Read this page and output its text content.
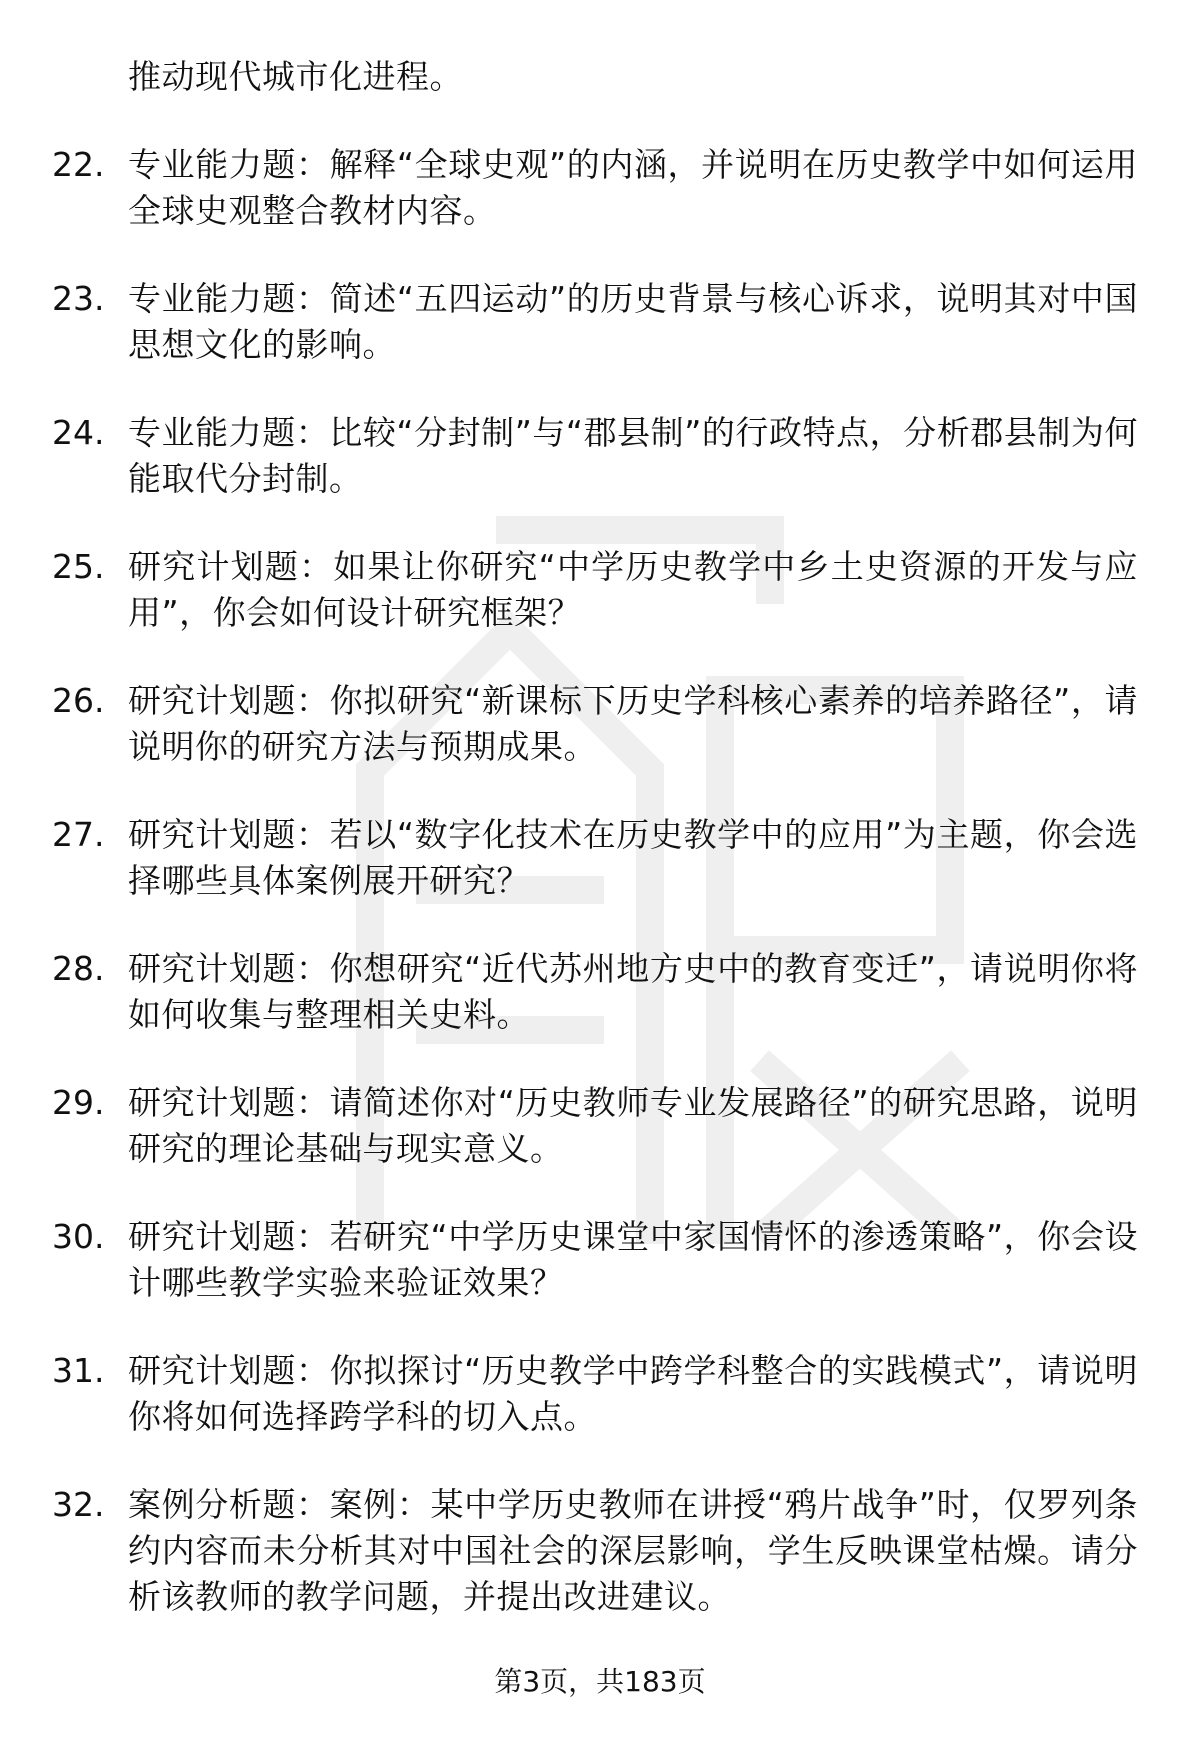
推动现代城市化进程。
22. 专业能力题：解释“全球史观”的内涵，并说明在历史教学中如何运用全球史观整合教材内容。
23. 专业能力题：简述“五四运动”的历史背景与核心诉求，说明其对中国思想文化的影响。
24. 专业能力题：比较“分封制”与“郡县制”的行政特点，分析郡县制为何能取代分封制。
25. 研究计划题：如果让你研究“中学历史教学中乡土史资源的开发与应用”，你会如何设计研究框架？
26. 研究计划题：你拟研究“新课标下历史学科核心素养的培养路径”，请说明你的研究方法与预期成果。
27. 研究计划题：若以“数字化技术在历史教学中的应用”为主题，你会选择哪些具体案例展开研究？
28. 研究计划题：你想研究“近代苏州地方史中的教育变迁”，请说明你将如何收集与整理相关史料。
29. 研究计划题：请简述你对“历史教师专业发展路径”的研究思路，说明研究的理论基础与现实意义。
30. 研究计划题：若研究“中学历史课堂中家国情怀的渗透策略”，你会设计哪些教学实验来验证效果？
31. 研究计划题：你拟探讨“历史教学中跨学科整合的实践模式”，请说明你将如何选择跨学科的切入点。
32. 案例分析题：案例：某中学历史教师在讲授“鸦片战争”时，仅罗列条约内容而未分析其对中国社会的深层影响，学生反映课堂枯燥。请分析该教师的教学问题，并提出改进建议。
第3页，共183页
